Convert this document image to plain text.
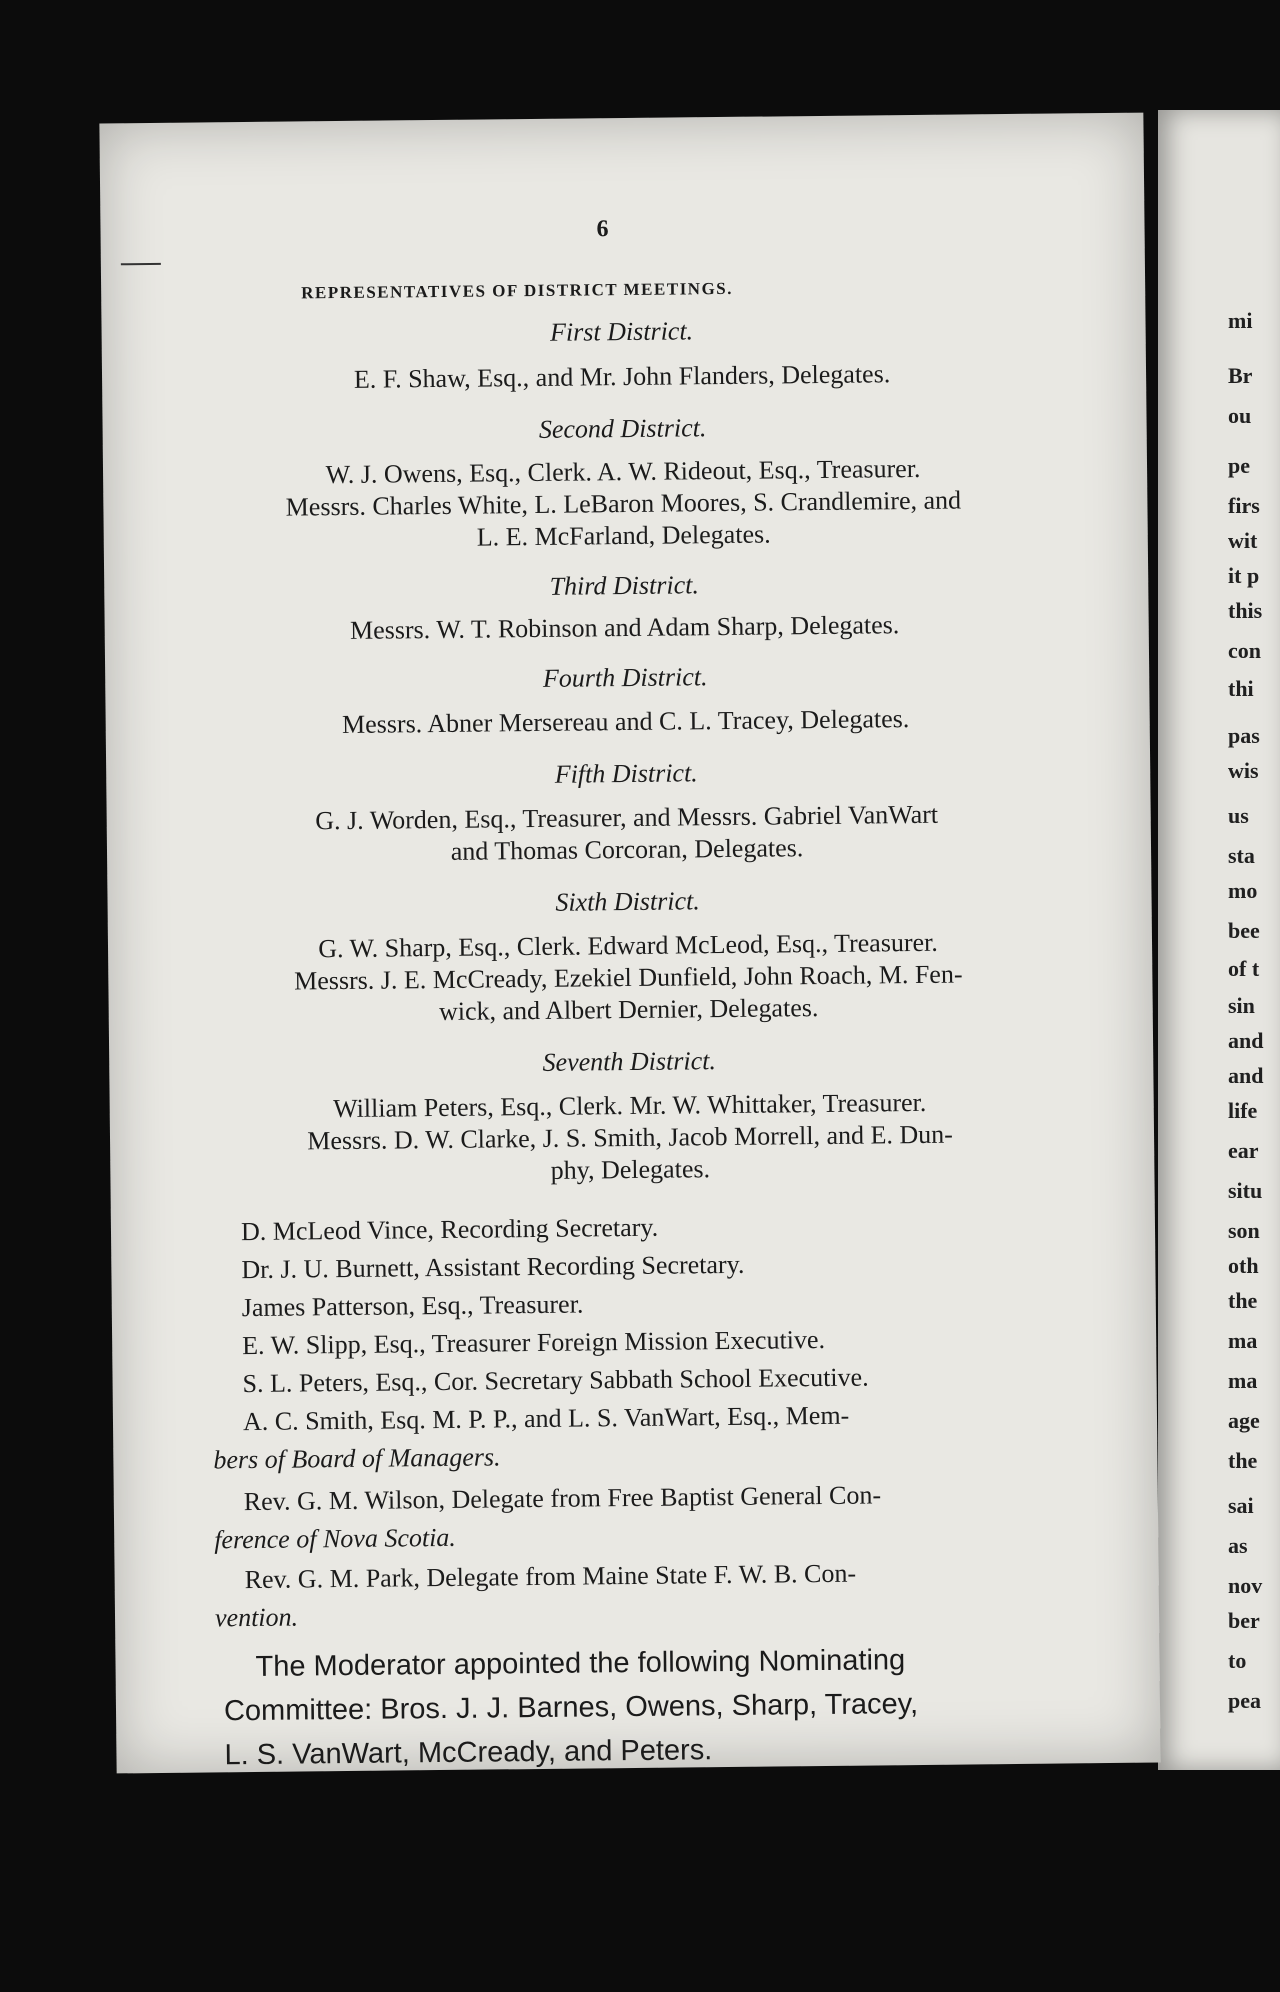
mi
Br
ou
pe
firs
wit
it p
this
con
thi
pas
wis
us
sta
mo
bee
of t
sin
and
and
life
ear
situ
son
oth
the
ma
ma
age
the
sai
as
nov
ber
to
pea
6
REPRESENTATIVES OF DISTRICT MEETINGS.
First District.
E. F. Shaw, Esq., and Mr. John Flanders, Delegates.
Second District.
W. J. Owens, Esq., Clerk. A. W. Rideout, Esq., Treasurer.
Messrs. Charles White, L. LeBaron Moores, S. Crandlemire, and
L. E. McFarland, Delegates.
Third District.
Messrs. W. T. Robinson and Adam Sharp, Delegates.
Fourth District.
Messrs. Abner Mersereau and C. L. Tracey, Delegates.
Fifth District.
G. J. Worden, Esq., Treasurer, and Messrs. Gabriel VanWart
and Thomas Corcoran, Delegates.
Sixth District.
G. W. Sharp, Esq., Clerk. Edward McLeod, Esq., Treasurer.
Messrs. J. E. McCready, Ezekiel Dunfield, John Roach, M. Fen-
wick, and Albert Dernier, Delegates.
Seventh District.
William Peters, Esq., Clerk. Mr. W. Whittaker, Treasurer.
Messrs. D. W. Clarke, J. S. Smith, Jacob Morrell, and E. Dun-
phy, Delegates.
D. McLeod Vince, Recording Secretary.
Dr. J. U. Burnett, Assistant Recording Secretary.
James Patterson, Esq., Treasurer.
E. W. Slipp, Esq., Treasurer Foreign Mission Executive.
S. L. Peters, Esq., Cor. Secretary Sabbath School Executive.
A. C. Smith, Esq. M. P. P., and L. S. VanWart, Esq., Mem-
bers of Board of Managers.
Rev. G. M. Wilson, Delegate from Free Baptist General Con-
ference of Nova Scotia.
Rev. G. M. Park, Delegate from Maine State F. W. B. Con-
vention.
The Moderator appointed the following Nominating
Committee: Bros. J. J. Barnes, Owens, Sharp, Tracey,
L. S. VanWart, McCready, and Peters.
